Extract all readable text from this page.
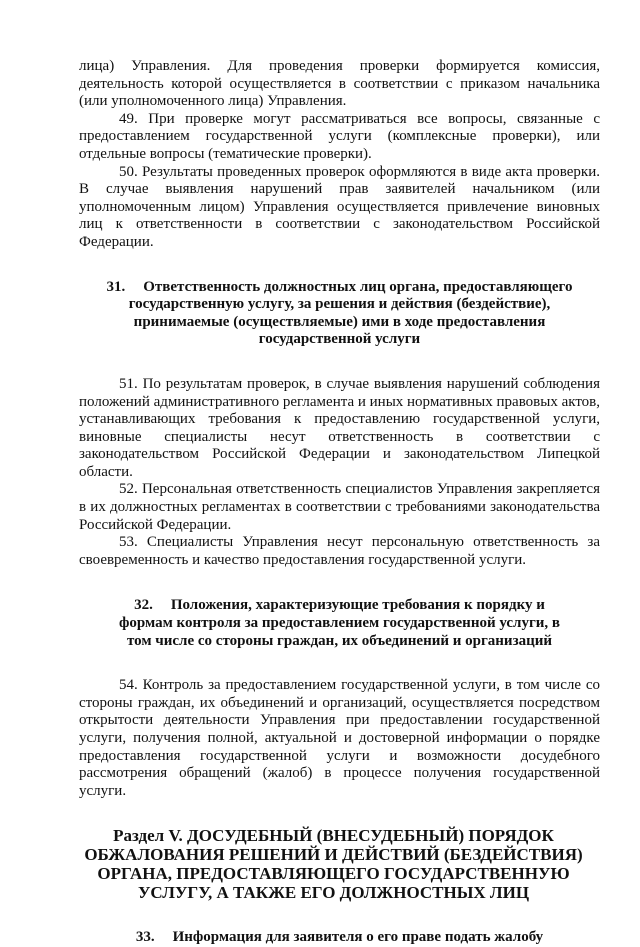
лица) Управления. Для проведения проверки формируется комиссия, деятельность которой осуществляется в соответствии с приказом начальника (или уполномоченного лица) Управления.

49. При проверке могут рассматриваться все вопросы, связанные с предоставлением государственной услуги (комплексные проверки), или отдельные вопросы (тематические проверки).

50. Результаты проведенных проверок оформляются в виде акта проверки. В случае выявления нарушений прав заявителей начальником (или уполномоченным лицом) Управления осуществляется привлечение виновных лиц к ответственности в соответствии с законодательством Российской Федерации.

31. Ответственность должностных лиц органа, предоставляющего государственную услугу, за решения и действия (бездействие), принимаемые (осуществляемые) ими в ходе предоставления государственной услуги

51. По результатам проверок, в случае выявления нарушений соблюдения положений административного регламента и иных нормативных правовых актов, устанавливающих требования к предоставлению государственной услуги, виновные специалисты несут ответственность в соответствии с законодательством Российской Федерации и законодательством Липецкой области.

52. Персональная ответственность специалистов Управления закрепляется в их должностных регламентах в соответствии с требованиями законодательства Российской Федерации.

53. Специалисты Управления несут персональную ответственность за своевременность и качество предоставления государственной услуги.

32. Положения, характеризующие требования к порядку и формам контроля за предоставлением государственной услуги, в том числе со стороны граждан, их объединений и организаций

54. Контроль за предоставлением государственной услуги, в том числе со стороны граждан, их объединений и организаций, осуществляется посредством открытости деятельности Управления при предоставлении государственной услуги, получения полной, актуальной и достоверной информации о порядке предоставления государственной услуги и возможности досудебного рассмотрения обращений (жалоб) в процессе получения государственной услуги.

Раздел V. ДОСУДЕБНЫЙ (ВНЕСУДЕБНЫЙ) ПОРЯДОК ОБЖАЛОВАНИЯ РЕШЕНИЙ И ДЕЙСТВИЙ (БЕЗДЕЙСТВИЯ) ОРГАНА, ПРЕДОСТАВЛЯЮЩЕГО ГОСУДАРСТВЕННУЮ УСЛУГУ, А ТАКЖЕ ЕГО ДОЛЖНОСТНЫХ ЛИЦ
33. Информация для заявителя о его праве подать жалобу
